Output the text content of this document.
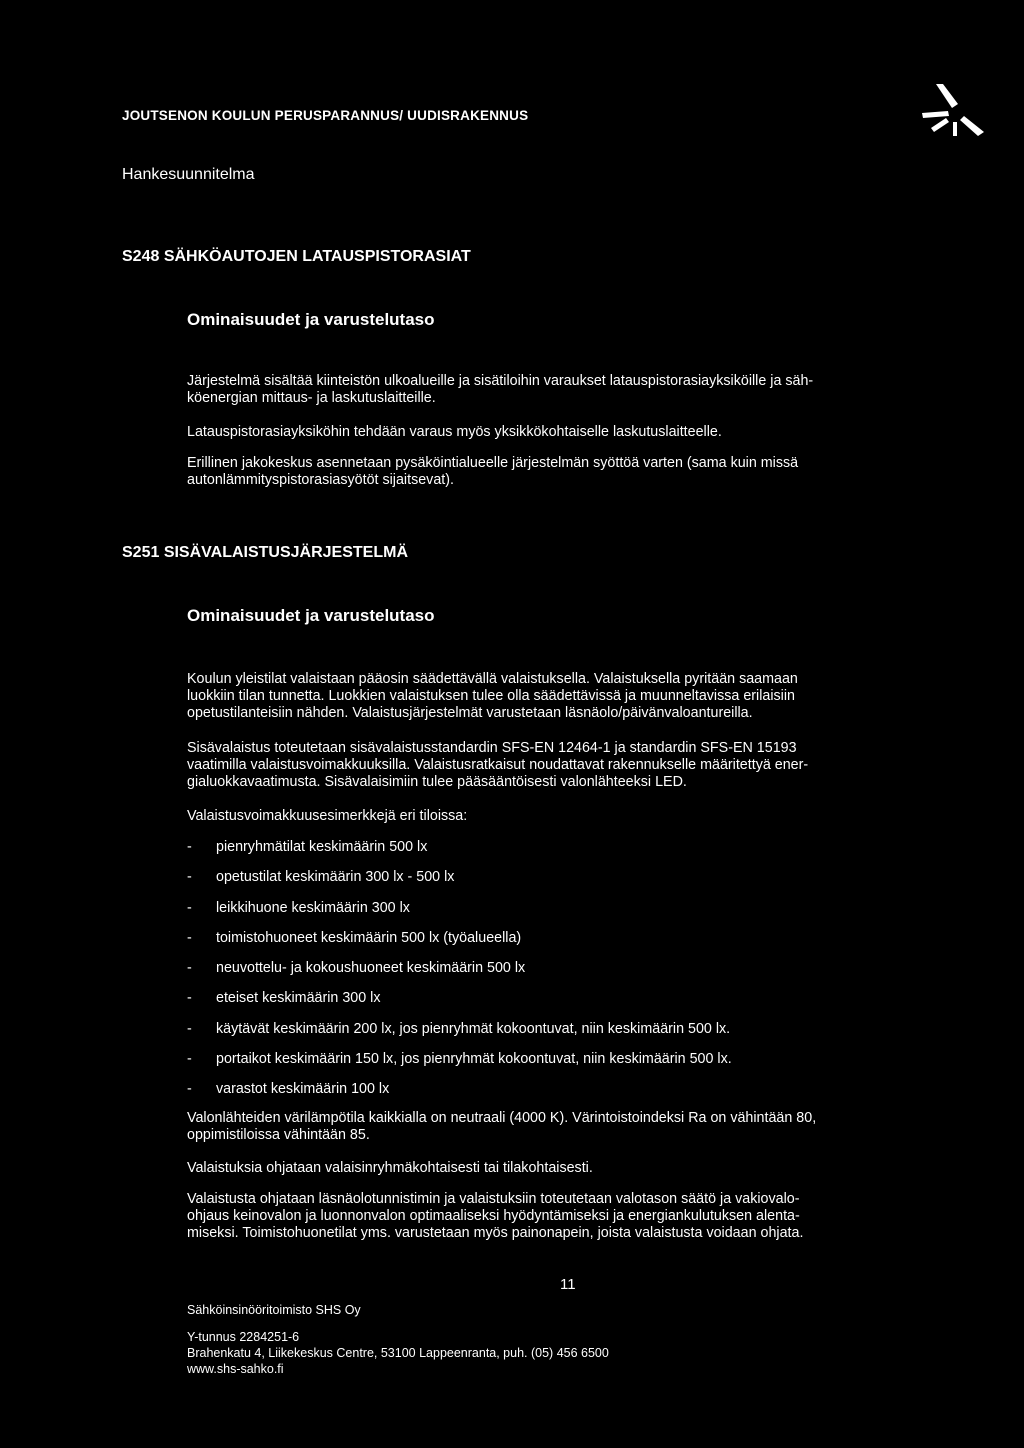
JOUTSENON KOULUN PERUSPARANNUS/ UUDISRAKENNUS
Hankesuunnitelma
S248 SÄHKÖAUTOJEN LATAUSPISTORASIAT
Ominaisuudet ja varustelutaso
Järjestelmä sisältää kiinteistön ulkoalueille ja sisätiloihin varaukset latauspistorasiayksiköille ja säh-
köenergian mittaus- ja laskutuslaitteille.
Latauspistorasiayksiköhin tehdään varaus myös yksikkökohtaiselle laskutuslaitteelle.
Erillinen jakokeskus asennetaan pysäköintialueelle järjestelmän syöttöä varten (sama kuin missä
autonlämmityspistorasiasyötöt sijaitsevat).
S251 SISÄVALAISTUSJÄRJESTELMÄ
Ominaisuudet ja varustelutaso
Koulun yleistilat valaistaan pääosin säädettävällä valaistuksella. Valaistuksella pyritään saamaan
luokkiin tilan tunnetta. Luokkien valaistuksen tulee olla säädettävissä ja muunneltavissa erilaisiin
opetustilanteisiin nähden. Valaistusjärjestelmät varustetaan läsnäolo/päivänvaloantureilla.
Sisävalaistus toteutetaan sisävalaistusstandardin SFS-EN 12464-1 ja standardin SFS-EN 15193
vaatimilla valaistusvoimakkuuksilla. Valaistusratkaisut noudattavat rakennukselle määritettyä ener-
gialuokkavaatimusta. Sisävalaisimiin tulee pääsääntöisesti valonlähteeksi LED.
Valaistusvoimakkuusesimerkkejä eri tiloissa:
- pienryhmätilat keskimäärin 500 lx
- opetustilat keskimäärin 300 lx - 500 lx
- leikkihuone keskimäärin 300 lx
- toimistohuoneet keskimäärin 500 lx (työalueella)
- neuvottelu- ja kokoushuoneet keskimäärin 500 lx
- eteiset keskimäärin 300 lx
- käytävät keskimäärin 200 lx, jos pienryhmät kokoontuvat, niin keskimäärin 500 lx.
- portaikot keskimäärin 150 lx, jos pienryhmät kokoontuvat, niin keskimäärin 500 lx.
- varastot keskimäärin 100 lx
Valonlähteiden värilämpötila kaikkialla on neutraali (4000 K). Värintoistoindeksi Ra on vähintään 80,
oppimistiloissa vähintään 85.
Valaistuksia ohjataan valaisinryhmäkohtaisesti tai tilakohtaisesti.
Valaistusta ohjataan läsnäolotunnistimin ja valaistuksiin toteutetaan valotason säätö ja vakiovalo-
ohjaus keinovalon ja luonnonvalon optimaaliseksi hyödyntämiseksi ja energiankulutuksen alenta-
miseksi. Toimistohuonetilat yms. varustetaan myös painonapein, joista valaistusta voidaan ohjata.
11
Sähköinsinööritoimisto SHS Oy
Y-tunnus 2284251-6
Brahenkatu 4, Liikekeskus Centre, 53100 Lappeenranta, puh. (05) 456 6500
www.shs-sahko.fi
